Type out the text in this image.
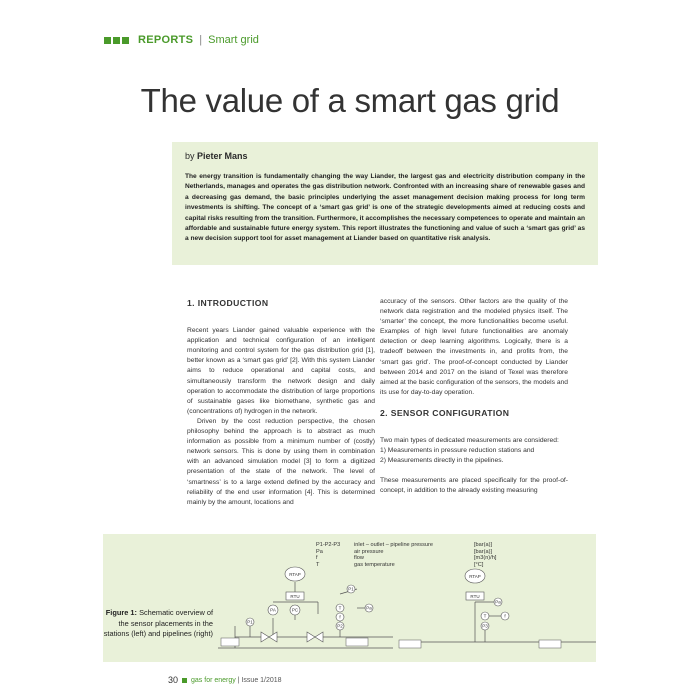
REPORTS | Smart grid
The value of a smart gas grid
by Pieter Mans

The energy transition is fundamentally changing the way Liander, the largest gas and electricity distribution company in the Netherlands, manages and operates the gas distribution network. Confronted with an increasing share of renewable gases and a decreasing gas demand, the basic principles underlying the asset management decision making process for long term investments is shifting. The concept of a ‘smart gas grid’ is one of the strategic developments aimed at reducing costs and capital risks resulting from the transition. Furthermore, it accomplishes the necessary competences to operate and maintain an affordable and sustainable future energy system. This report illustrates the functioning and value of such a ‘smart gas grid’ as a new decision support tool for asset management at Liander based on quantitative risk analysis.

1. INTRODUCTION

Recent years Liander gained valuable experience with the application and technical configuration of an intelligent monitoring and control system for the gas distribution grid [1], better known as a ‘smart gas grid’ [2]. With this system Liander aims to reduce operational and capital costs, and simultaneously transform the network design and daily operation to accommodate the distribution of large proportions of sustainable gases like biomethane, synthetic gas and (concentrations of) hydrogen in the network.

Driven by the cost reduction perspective, the chosen philosophy behind the approach is to abstract as much information as possible from a minimum number of (costly) network sensors. This is done by using them in combination with an advanced simulation model [3] to form a digitized presentation of the state of the network. The level of ‘smartness’ is to a large extend defined by the accuracy and reliability of the end user information [4]. This is determined mainly by the amount, locations and

accuracy of the sensors. Other factors are the quality of the network data registration and the modeled physics itself. The ‘smarter’ the concept, the more functionalities become useful. Examples of high level future functionalities are anomaly detection or deep learning algorithms. Logically, there is a tradeoff between the investments in, and profits from, the ‘smart gas grid’. The proof-of-concept conducted by Liander between 2014 and 2017 on the island of Texel was therefore aimed at the basic configuration of the sensors, the models and its use for day-to-day operation.

2. SENSOR CONFIGURATION

Two main types of dedicated measurements are considered:

1) Measurements in pressure reduction stations and
2) Measurements directly in the pipelines.

These measurements are placed specifically for the proof-of-concept, in addition to the already existing measuring

Figure 1: Schematic overview of the sensor placements in the stations (left) and pipelines (right)
P1-P2-P3	inlet – outlet – pipeline pressure	[bar(a)]
Pa	air pressure	[bar(a)]
f	flow	[m3(n)/h]
T	gas temperature	[°C]
RTAP
RTU
P1
T
f
P2
Pa
PA	PC
P1
RTAP
RTU
Pa
T
P3
f
30 gas for energy
| Issue 1/2018
